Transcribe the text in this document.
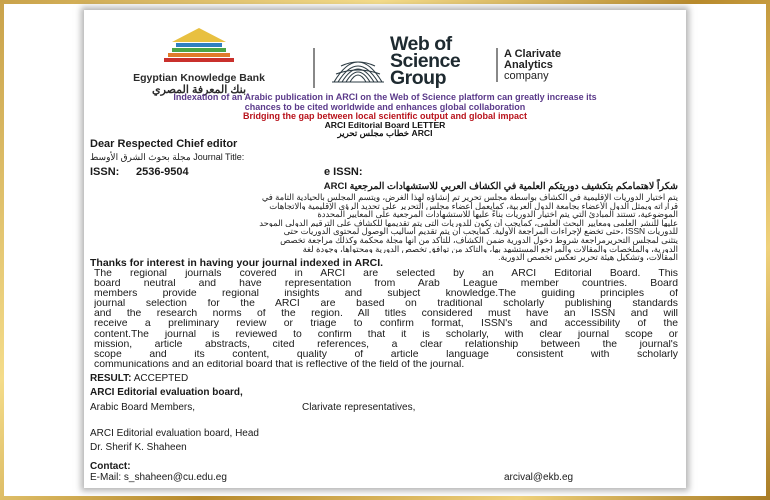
Egyptian Knowledge Bank
بنك المعرفة المصري
Web of
Science
Group
A Clarivate
Analytics
company
Indexation of an Arabic publication in ARCI on the Web of Science platform can greatly increase its
chances to be cited worldwide and enhances global collaboration
Bridging the gap between local scientific output and global impact
ARCI Editorial Board LETTER
خطاب مجلس تحرير ARCI
Dear Respected Chief editor
مجلة بحوث الشرق الأوسط Journal Title:
ISSN: 2536-9504	e ISSN:
شكراً لاهتمامكم بتكشيف دوريتكم العلمية في الكشاف العربي للاستشهادات المرجعية ARCI
يتم اختيار الدوريات الإقليمية في الكشاف بواسطة مجلس تحرير تم إنشاؤه لهذا الغرض، ويتسم المجلس بالحيادية التامة في
قراراته ويمثل الدول الأعضاء بجامعة الدول العربية، كمايعمل أعضاء مجلس التحرير على تحديد الرؤى الإقليمية والاتجاهات
الموضوعية، تستند المبادئ التي يتم اختيار الدوريات بناءً عليها للاستشهادات المرجعية على المعايير المحددة
عليها للنشر العلمي ومعايير البحث العلمي، كمايجب أن يكون للدوريات التي يتم تقديمها للكشاف على الترقيم الدولي الموحد
للدوريات ISSN ،حتى تخضع لإجراءات المراجعة الأولية. كمايجب أن يتم تقديم أساليب الوصول لمحتوى الدوريات حتى
يتثنى لمجلس التحريرمراجعة شروط دخول الدورية ضمن الكشاف، للتأكد من أنها مجلة محكمة وكذلك مراجعة تخصص
الدورية، والملخصات والمقالات والمراجع المستشهد بها، والتأكد من توافق تخصص الدورية ومحتواها، وجودة لغة
المقالات، وتشكيل هيئة تحرير تعكس تخصص الدورية.
Thanks for interest in having your journal indexed in ARCI.
The regional journals covered in ARCI are selected by an ARCI Editorial Board. This
board neutral and have representation from Arab League member countries. Board
members provide regional insights and subject knowledge.The guiding principles of
journal selection for the ARCI are based on traditional scholarly publishing standards
and the research norms of the region. All titles considered must have an ISSN and will
receive a preliminary review or triage to confirm format, ISSN's and accessibility of the
content.The journal is reviewed to confirm that it is scholarly, with clear journal scope or
mission, article abstracts, cited references, a clear relationship between the journal's
scope and its content, quality of article language consistent with scholarly
communications and an editorial board that is reflective of the field of the journal.
RESULT: ACCEPTED
ARCI Editorial evaluation board,
Arabic Board Members,	Clarivate representatives,
ARCI Editorial evaluation board, Head
Dr. Sherif K. Shaheen
Contact:
E-Mail: s_shaheen@cu.edu.eg	arcival@ekb.eg
